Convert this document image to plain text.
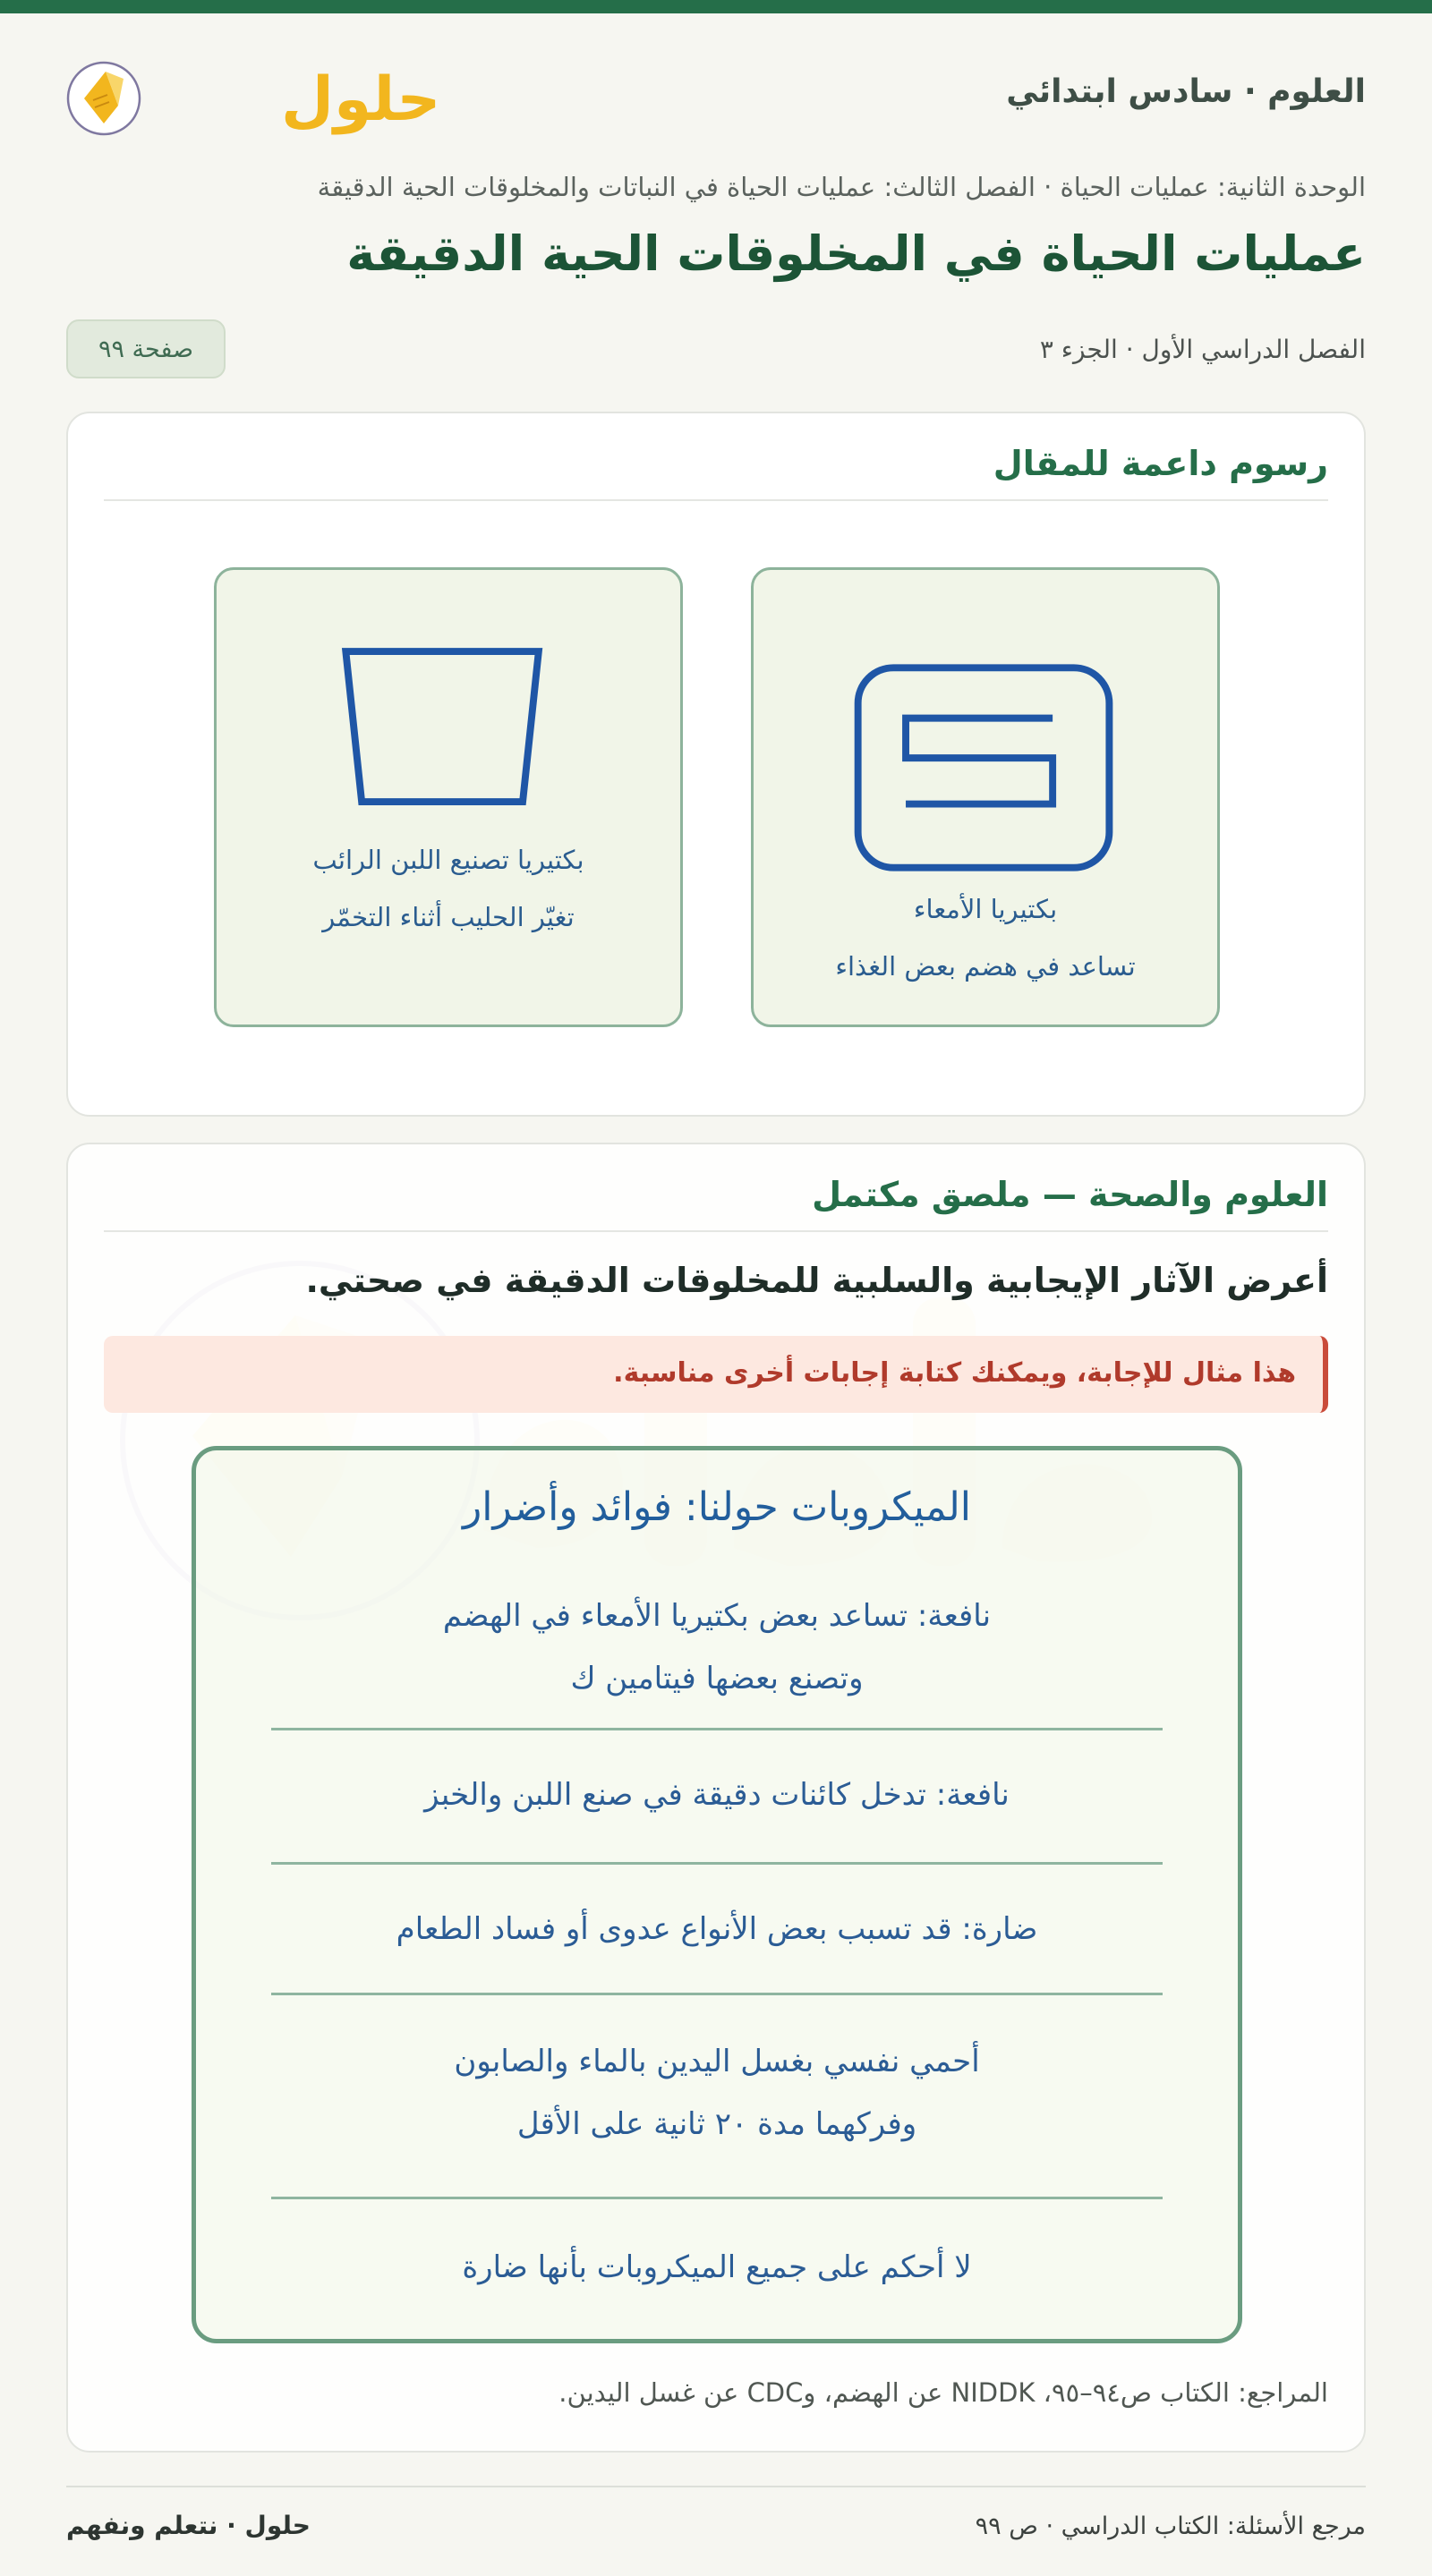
حلول	العلوم · سادس ابتدائي
الوحدة الثانية: عمليات الحياة · الفصل الثالث: عمليات الحياة في النباتات والمخلوقات الحية الدقيقة
عمليات الحياة في المخلوقات الحية الدقيقة
الفصل الدراسي الأول · الجزء ٣
صفحة ٩٩
رسوم داعمة للمقال
بكتيريا الأمعاء
تساعد في هضم بعض الغذاء
بكتيريا تصنيع اللبن الرائب
تغيّر الحليب أثناء التخمّر
العلوم والصحة — ملصق مكتمل
أعرض الآثار الإيجابية والسلبية للمخلوقات الدقيقة في صحتي.
هذا مثال للإجابة، ويمكنك كتابة إجابات أخرى مناسبة.
الميكروبات حولنا: فوائد وأضرار
نافعة: تساعد بعض بكتيريا الأمعاء في الهضم
وتصنع بعضها فيتامين ك
نافعة: تدخل كائنات دقيقة في صنع اللبن والخبز
ضارة: قد تسبب بعض الأنواع عدوى أو فساد الطعام
أحمي نفسي بغسل اليدين بالماء والصابون
وفركهما مدة ٢٠ ثانية على الأقل
لا أحكم على جميع الميكروبات بأنها ضارة
المراجع: الكتاب ص٩٤–٩٥، NIDDK عن الهضم، وCDC عن غسل اليدين.
مرجع الأسئلة: الكتاب الدراسي · ص ٩٩
حلول · نتعلم ونفهم
